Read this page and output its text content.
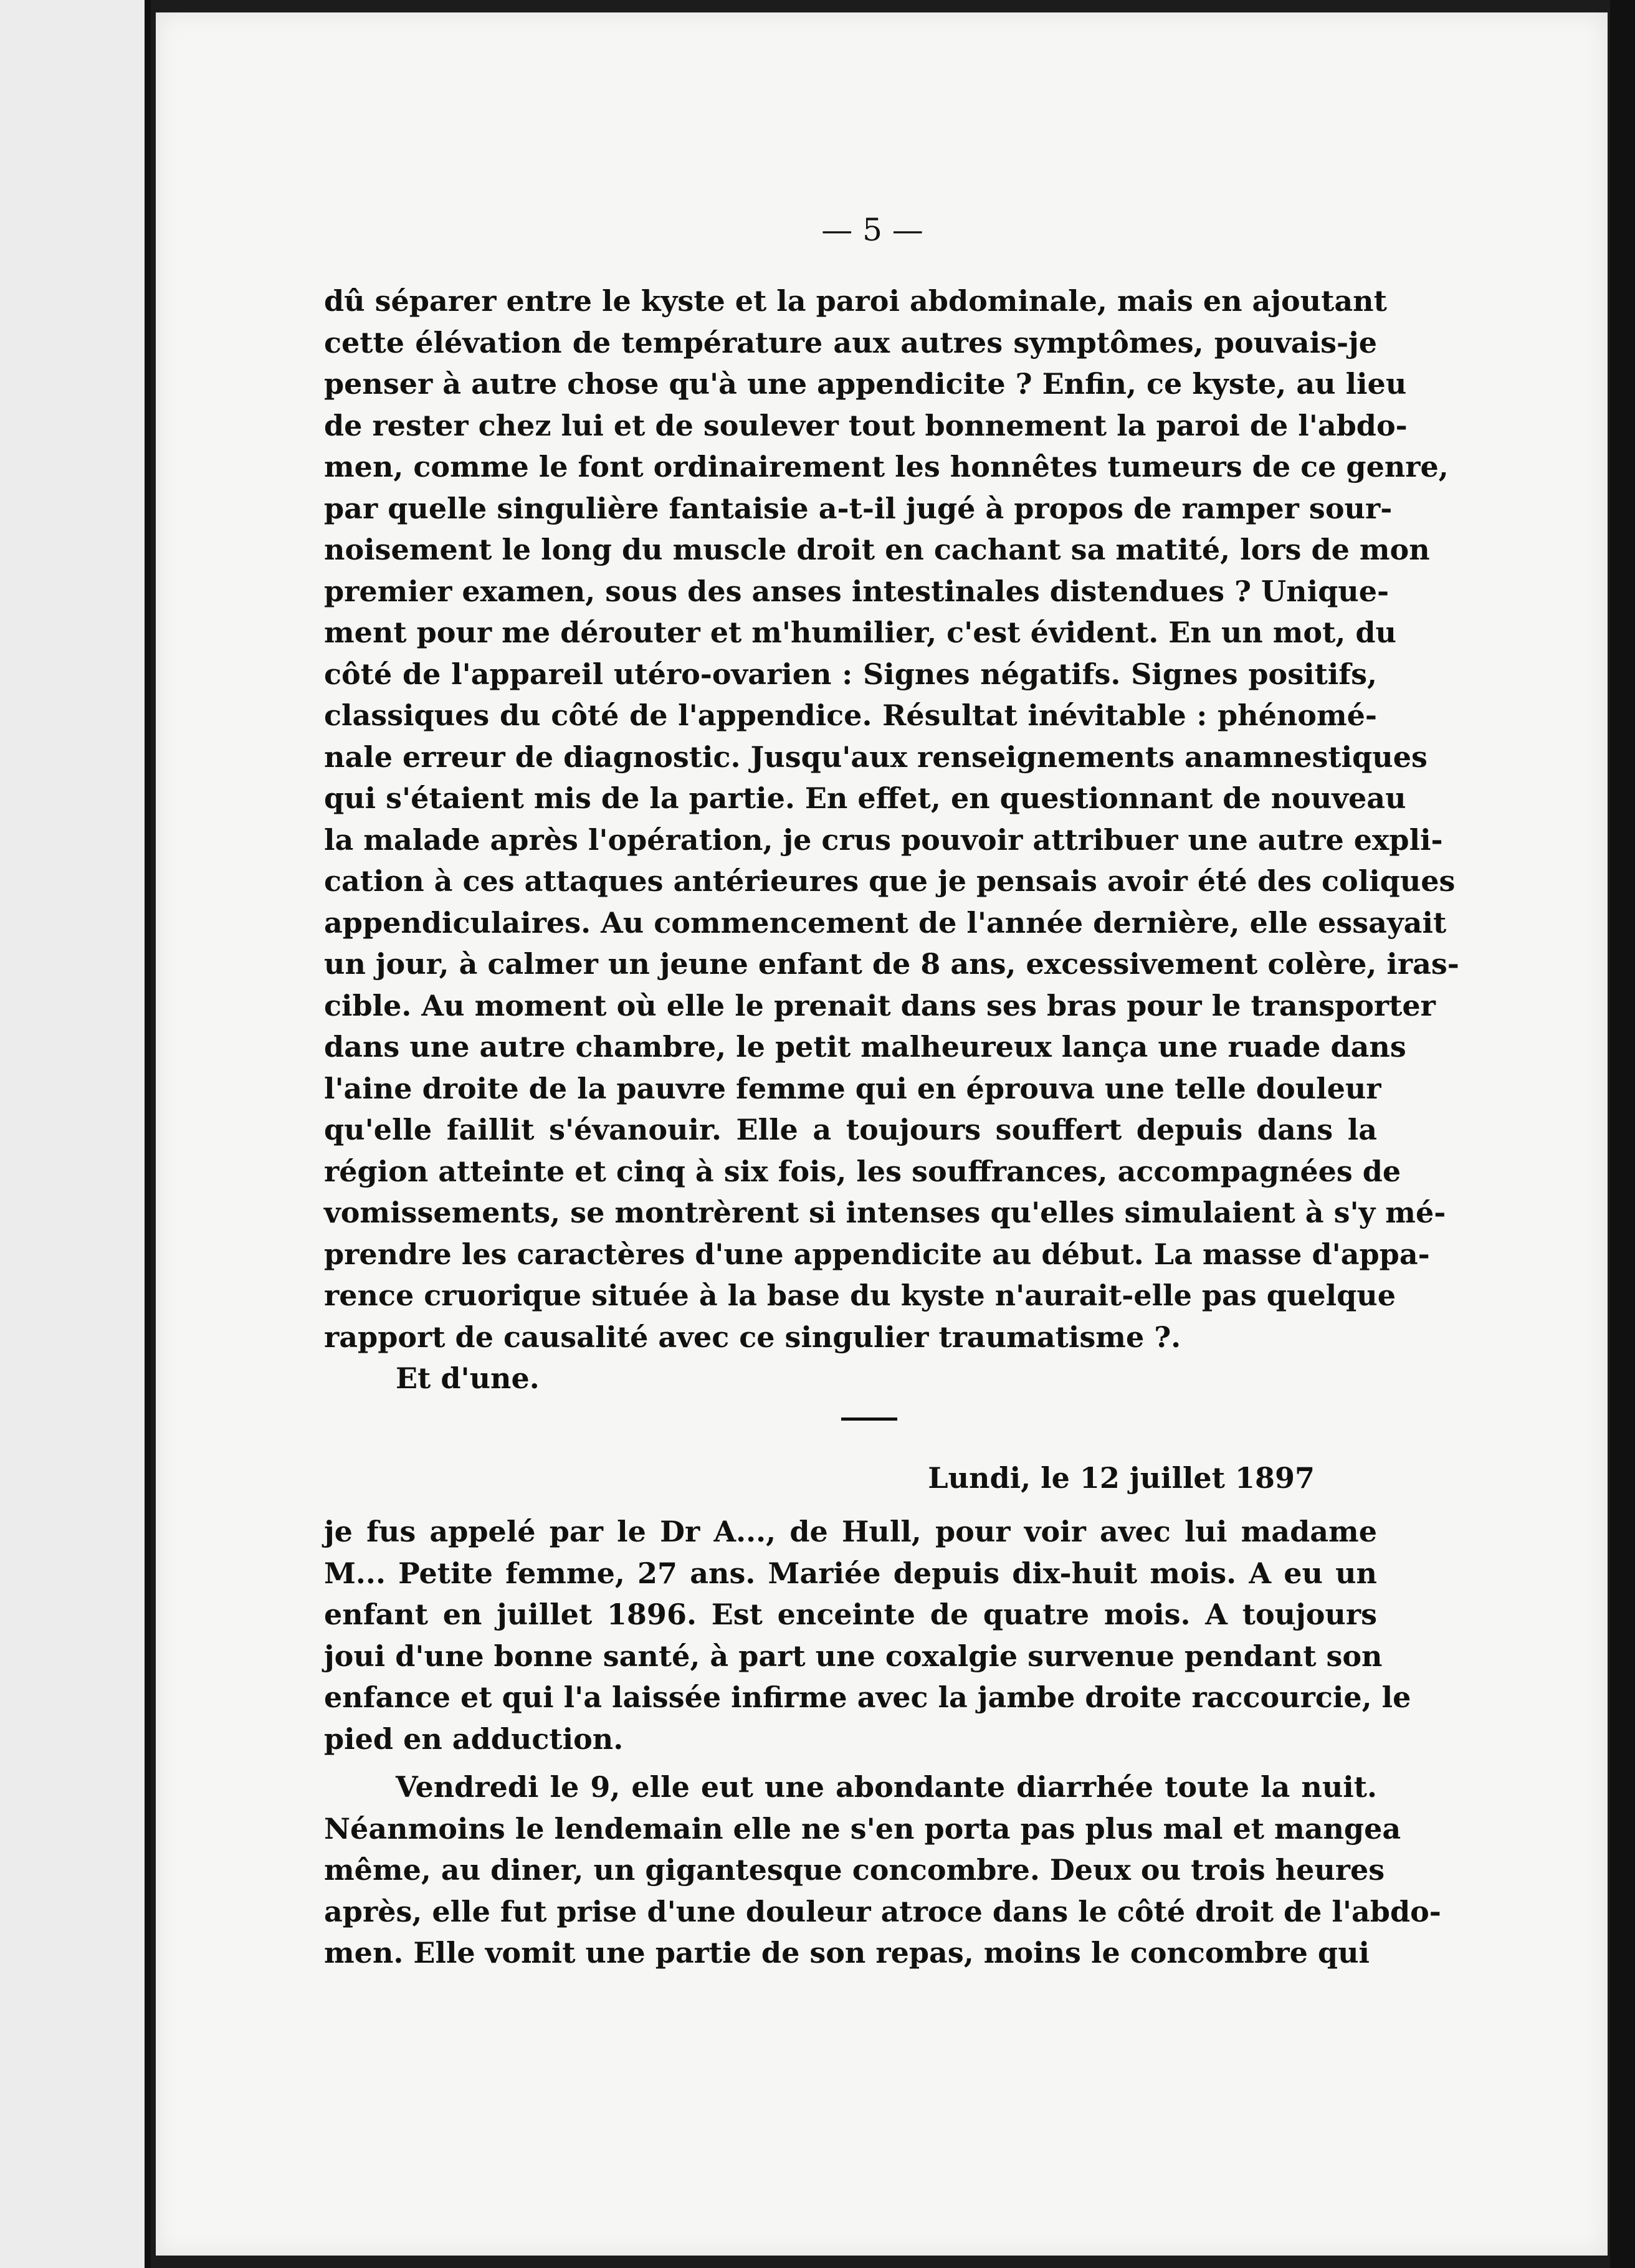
— 5 —
dû séparer entre le kyste et la paroi abdominale, mais en ajoutant
cette élévation de température aux autres symptômes, pouvais-je
penser à autre chose qu'à une appendicite ? Enfin, ce kyste, au lieu
de rester chez lui et de soulever tout bonnement la paroi de l'abdo-
men, comme le font ordinairement les honnêtes tumeurs de ce genre,
par quelle singulière fantaisie a-t-il jugé à propos de ramper sour-
noisement le long du muscle droit en cachant sa matité, lors de mon
premier examen, sous des anses intestinales distendues ? Unique-
ment pour me dérouter et m'humilier, c'est évident. En un mot, du
côté de l'appareil utéro-ovarien : Signes négatifs. Signes positifs,
classiques du côté de l'appendice. Résultat inévitable : phénomé-
nale erreur de diagnostic. Jusqu'aux renseignements anamnestiques
qui s'étaient mis de la partie. En effet, en questionnant de nouveau
la malade après l'opération, je crus pouvoir attribuer une autre expli-
cation à ces attaques antérieures que je pensais avoir été des coliques
appendiculaires. Au commencement de l'année dernière, elle essayait
un jour, à calmer un jeune enfant de 8 ans, excessivement colère, iras-
cible. Au moment où elle le prenait dans ses bras pour le transporter
dans une autre chambre, le petit malheureux lança une ruade dans
l'aine droite de la pauvre femme qui en éprouva une telle douleur
qu'elle faillit s'évanouir. Elle a toujours souffert depuis dans la
région atteinte et cinq à six fois, les souffrances, accompagnées de
vomissements, se montrèrent si intenses qu'elles simulaient à s'y mé-
prendre les caractères d'une appendicite au début. La masse d'appa-
rence cruorique située à la base du kyste n'aurait-elle pas quelque
rapport de causalité avec ce singulier traumatisme ?.
Et d'une.
Lundi, le 12 juillet 1897
je fus appelé par le Dr A..., de Hull, pour voir avec lui madame
M... Petite femme, 27 ans. Mariée depuis dix-huit mois. A eu un
enfant en juillet 1896. Est enceinte de quatre mois. A toujours
joui d'une bonne santé, à part une coxalgie survenue pendant son
enfance et qui l'a laissée infirme avec la jambe droite raccourcie, le
pied en adduction.
Vendredi le 9, elle eut une abondante diarrhée toute la nuit.
Néanmoins le lendemain elle ne s'en porta pas plus mal et mangea
même, au diner, un gigantesque concombre. Deux ou trois heures
après, elle fut prise d'une douleur atroce dans le côté droit de l'abdo-
men. Elle vomit une partie de son repas, moins le concombre qui
